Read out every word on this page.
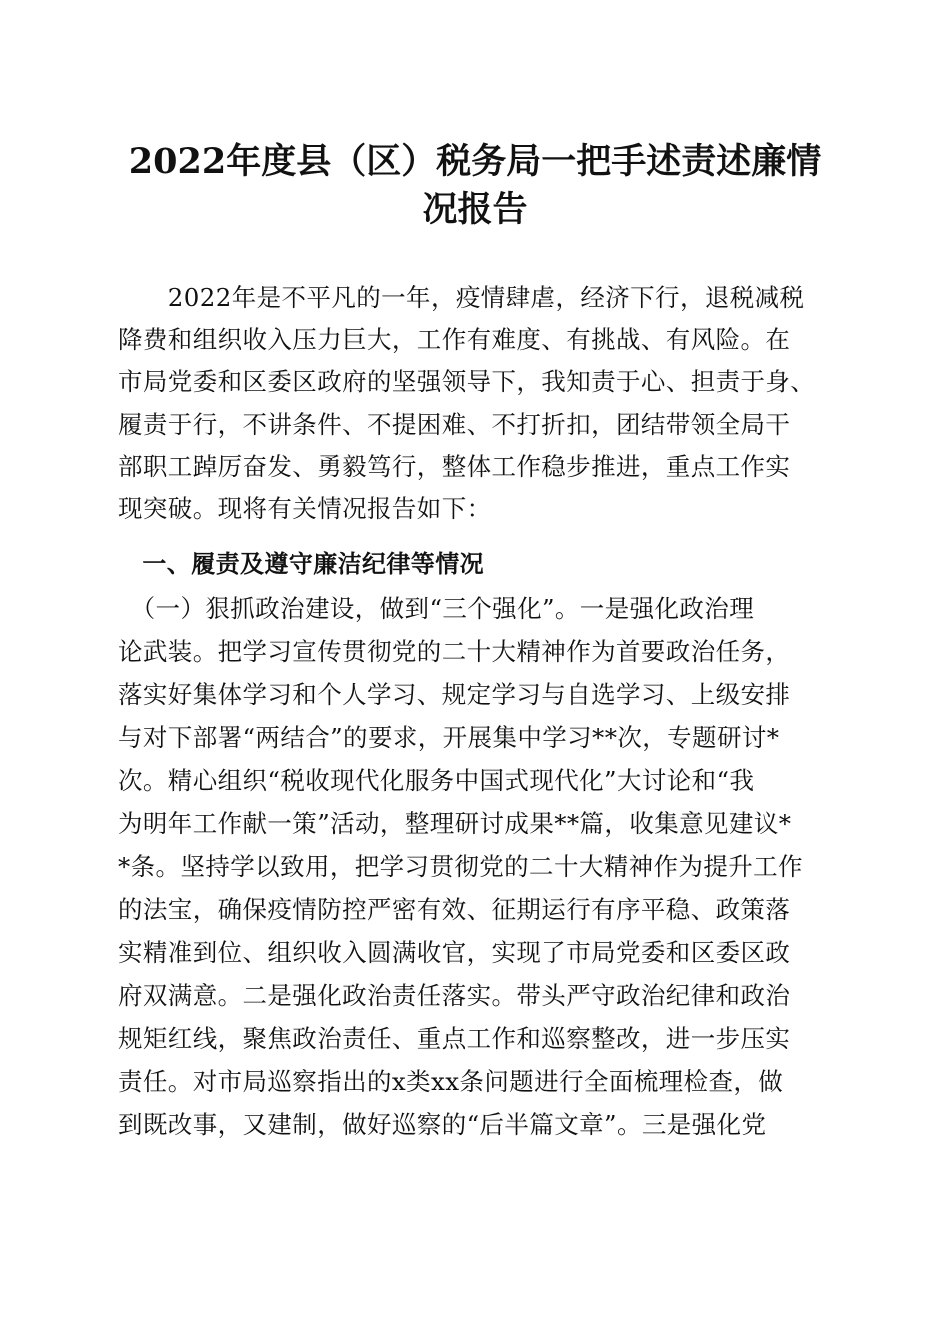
2022年度县（区）税务局一把手述责述廉情
况报告

　　2022年是不平凡的一年，疫情肆虐，经济下行，退税减税

降费和组织收入压力巨大，工作有难度、有挑战、有风险。在

市局党委和区委区政府的坚强领导下，我知责于心、担责于身、

履责于行，不讲条件、不提困难、不打折扣，团结带领全局干

部职工踔厉奋发、勇毅笃行，整体工作稳步推进，重点工作实

现突破。现将有关情况报告如下：

　一、履责及遵守廉洁纪律等情况

　（一）狠抓政治建设，做到“三个强化”。一是强化政治理

论武装。把学习宣传贯彻党的二十大精神作为首要政治任务，

落实好集体学习和个人学习、规定学习与自选学习、上级安排

与对下部署“两结合”的要求，开展集中学习**次，专题研讨*

次。精心组织“税收现代化服务中国式现代化”大讨论和“我

为明年工作献一策”活动，整理研讨成果**篇，收集意见建议*

*条。坚持学以致用，把学习贯彻党的二十大精神作为提升工作

的法宝，确保疫情防控严密有效、征期运行有序平稳、政策落

实精准到位、组织收入圆满收官，实现了市局党委和区委区政

府双满意。二是强化政治责任落实。带头严守政治纪律和政治

规矩红线，聚焦政治责任、重点工作和巡察整改，进一步压实

责任。对市局巡察指出的x类xx条问题进行全面梳理检查，做

到既改事，又建制，做好巡察的“后半篇文章”。三是强化党
